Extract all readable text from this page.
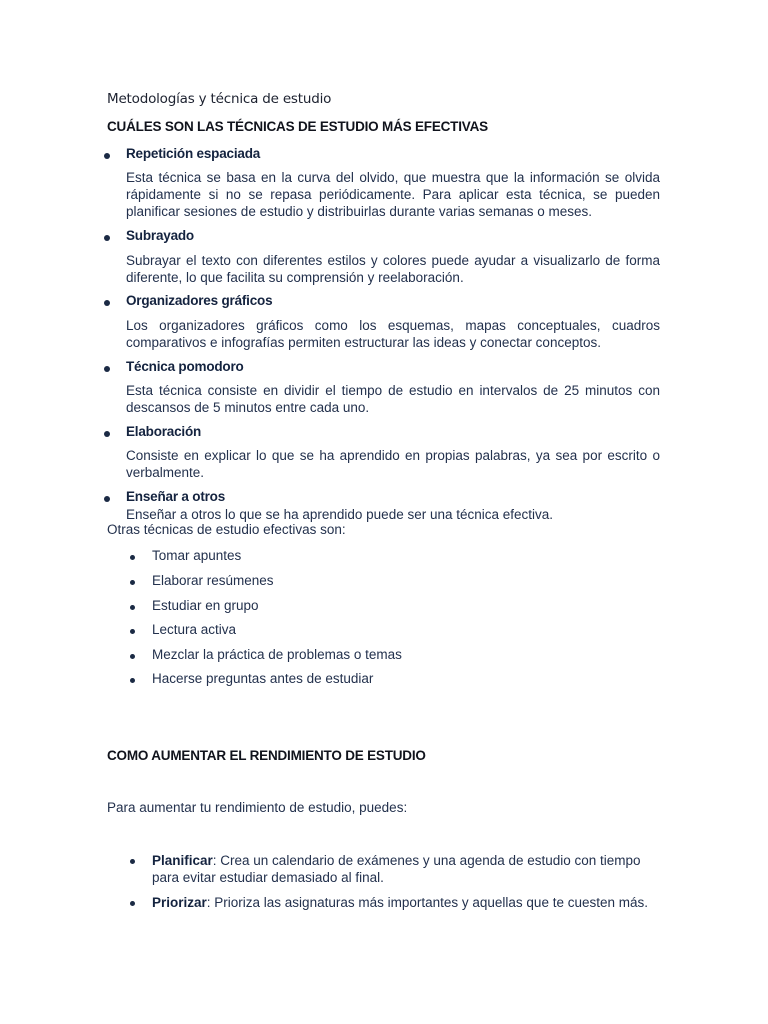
Metodologías y técnica de estudio
CUÁLES SON LAS TÉCNICAS DE ESTUDIO MÁS EFECTIVAS
Repetición espaciada
Esta técnica se basa en la curva del olvido, que muestra que la información se olvida rápidamente si no se repasa periódicamente. Para aplicar esta técnica, se pueden planificar sesiones de estudio y distribuirlas durante varias semanas o meses.
Subrayado
Subrayar el texto con diferentes estilos y colores puede ayudar a visualizarlo de forma diferente, lo que facilita su comprensión y reelaboración.
Organizadores gráficos
Los organizadores gráficos como los esquemas, mapas conceptuales, cuadros comparativos e infografías permiten estructurar las ideas y conectar conceptos.
Técnica pomodoro
Esta técnica consiste en dividir el tiempo de estudio en intervalos de 25 minutos con descansos de 5 minutos entre cada uno.
Elaboración
Consiste en explicar lo que se ha aprendido en propias palabras, ya sea por escrito o verbalmente.
Enseñar a otros
Enseñar a otros lo que se ha aprendido puede ser una técnica efectiva.
Otras técnicas de estudio efectivas son:
Tomar apuntes
Elaborar resúmenes
Estudiar en grupo
Lectura activa
Mezclar la práctica de problemas o temas
Hacerse preguntas antes de estudiar
COMO AUMENTAR EL RENDIMIENTO DE ESTUDIO
Para aumentar tu rendimiento de estudio, puedes:
Planificar: Crea un calendario de exámenes y una agenda de estudio con tiempo para evitar estudiar demasiado al final.
Priorizar: Prioriza las asignaturas más importantes y aquellas que te cuesten más.
